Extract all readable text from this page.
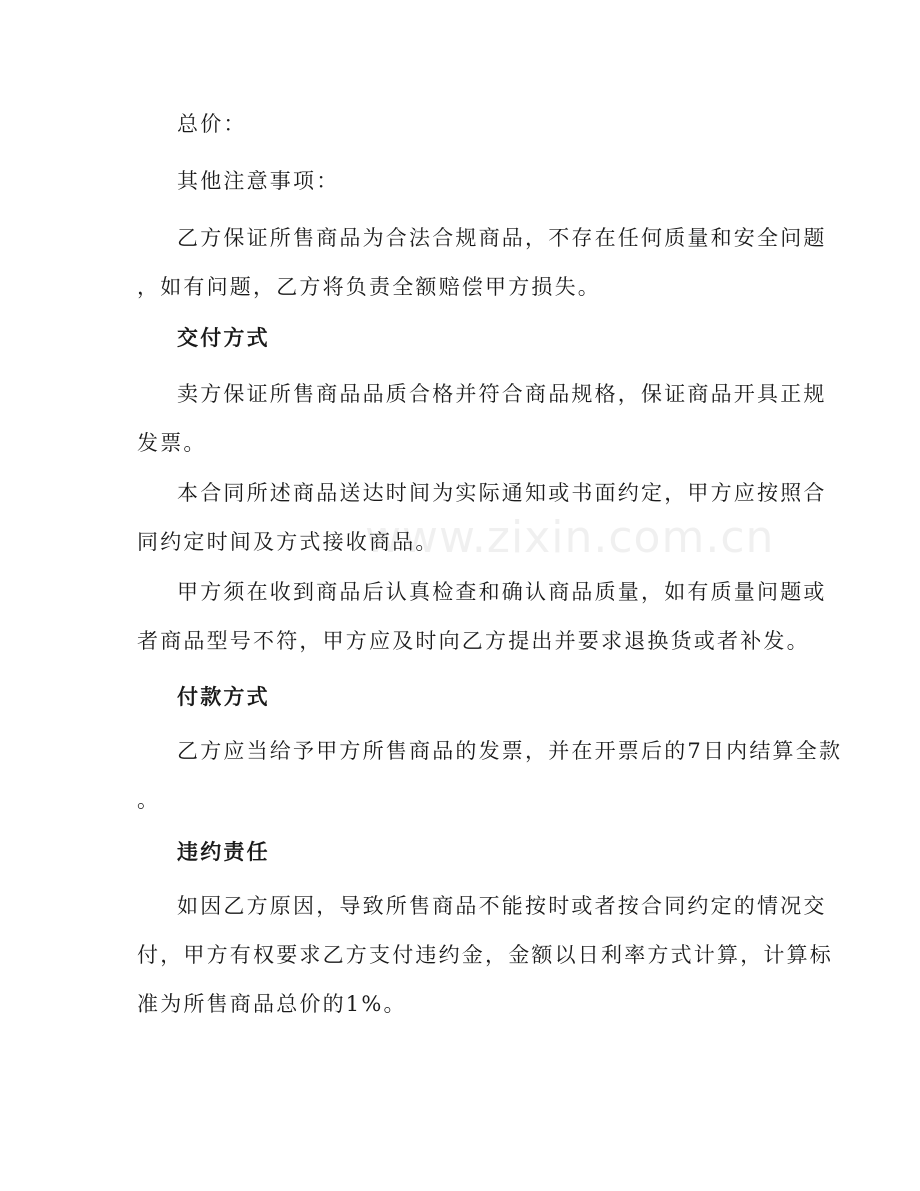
www.zixin.com.cn

总价：

其他注意事项：

乙方保证所售商品为合法合规商品，不存在任何质量和安全问题
，如有问题，乙方将负责全额赔偿甲方损失。

交付方式

卖方保证所售商品品质合格并符合商品规格，保证商品开具正规
发票。

本合同所述商品送达时间为实际通知或书面约定，甲方应按照合
同约定时间及方式接收商品。

甲方须在收到商品后认真检查和确认商品质量，如有质量问题或
者商品型号不符，甲方应及时向乙方提出并要求退换货或者补发。

付款方式

乙方应当给予甲方所售商品的发票，并在开票后的7日内结算全款
。

违约责任

如因乙方原因，导致所售商品不能按时或者按合同约定的情况交
付，甲方有权要求乙方支付违约金，金额以日利率方式计算，计算标
准为所售商品总价的1%。
